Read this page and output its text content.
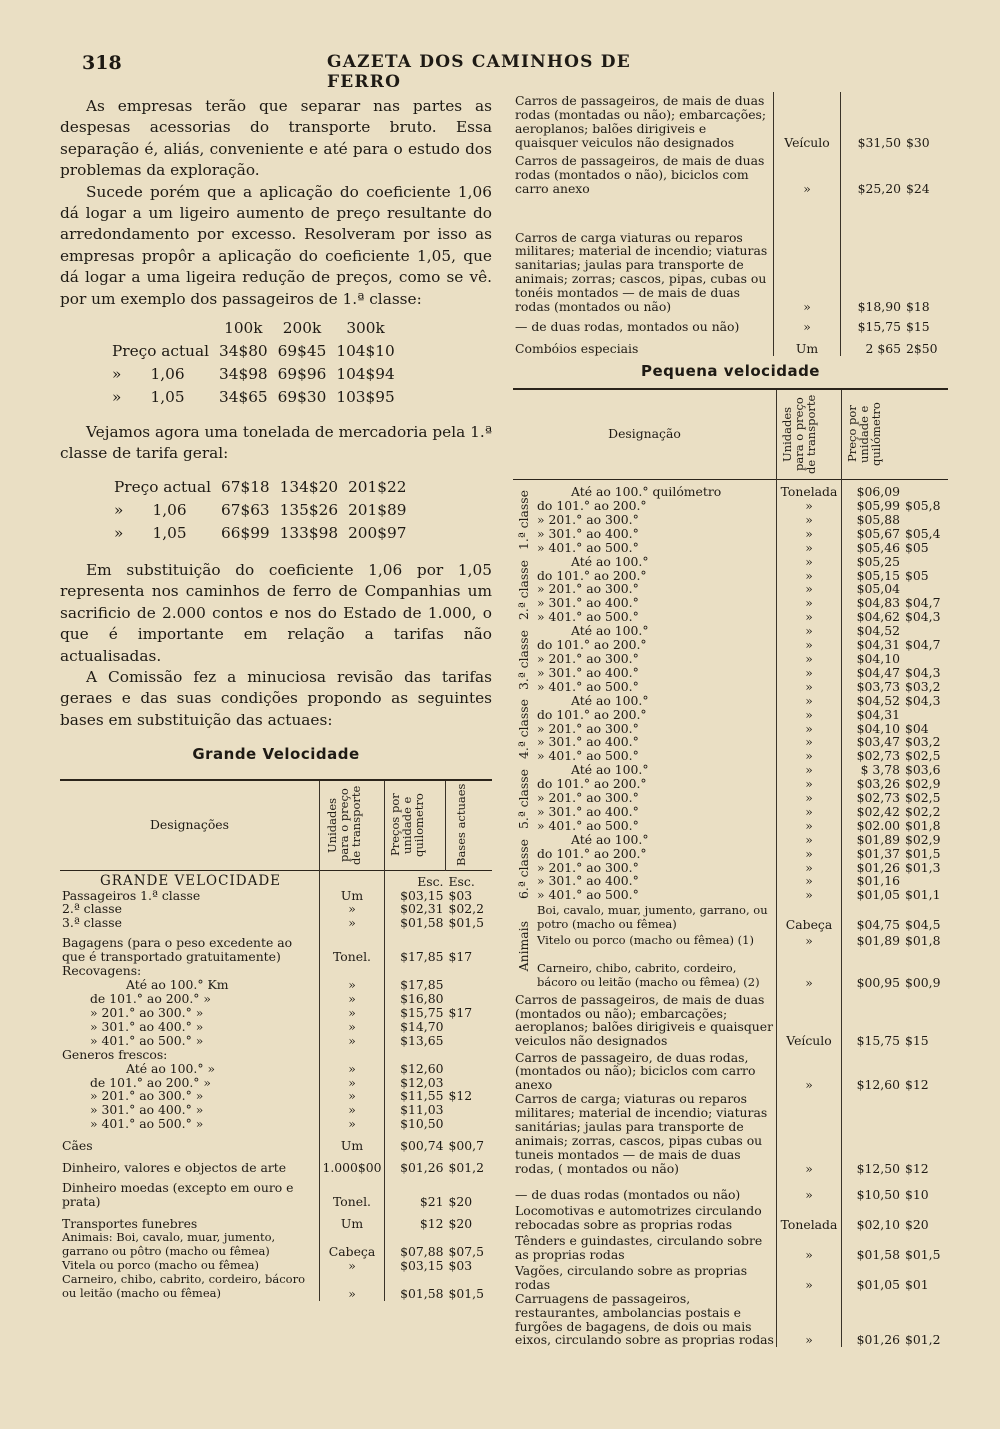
318	GAZETA DOS CAMINHOS DE FERRO

As empresas terão que separar nas partes as despesas acessorias do transporte bruto. Essa separação é, aliás, conveniente e até para o estudo dos problemas da exploração.

Sucede porém que a aplicação do coeficiente 1,06 dá logar a um ligeiro aumento de preço resultante do arredondamento por excesso. Resolveram por isso as empresas propôr a aplicação do coeficiente 1,05, que dá logar a uma ligeira redução de preços, como se vê. por um exemplo dos passageiros de 1.ª classe:

	100k	200k	300k
Preço actual	34$80	69$45	104$10
»      1,06	34$98	69$96	104$94
»      1,05	34$65	69$30	103$95

Vejamos agora uma tonelada de mercadoria pela 1.ª classe de tarifa geral:

Preço actual	67$18	134$20	201$22
»      1,06	67$63	135$26	201$89
»      1,05	66$99	133$98	200$97

Em substituição do coeficiente 1,06 por 1,05 representa nos caminhos de ferro de Companhias um sacrificio de 2.000 contos e nos do Estado de 1.000, o que é importante em relação a tarifas não actualisadas.

A Comissão fez a minuciosa revisão das tarifas geraes e das suas condições propondo as seguintes bases em substituição das actuaes:

Grande Velocidade
Designações	Unidades para o preço de transporte	Preços por unidade e quilometro	Bases actuaes

GRANDE VELOCIDADE		Esc.	Esc.
Passageiros 1.ª classe	Um	$03,15	$03
2.ª classe	»	$02,31	$02,2
3.ª classe	»	$01,58	$01,5
Bagagens (para o peso excedente ao que é transportado gratuitamente)	Tonel.	$17,85	$17
Recovagens:			
Até ao 100.° Km	»	$17,85	
de 101.° ao 200.° »	»	$16,80	
» 201.° ao 300.° »	»	$15,75	$17
» 301.° ao 400.° »	»	$14,70	
» 401.° ao 500.° »	»	$13,65	
Generos frescos:			
Até ao 100.° »	»	$12,60	
de 101.° ao 200.° »	»	$12,03	
» 201.° ao 300.° »	»	$11,55	$12
» 301.° ao 400.° »	»	$11,03	
» 401.° ao 500.° »	»	$10,50	
Cães	Um	$00,74	$00,7
Dinheiro, valores e objectos de arte	1.000$00	$01,26	$01,2
Dinheiro moedas (excepto em ouro e prata)	Tonel.	$21	$20
Transportes funebres	Um	$12	$20
Animais: Boi, cavalo, muar, jumento, garrano ou pôtro (macho ou fêmea)	Cabeça	$07,88	$07,5
Vitela ou porco (macho ou fêmea)	»	$03,15	$03
Carneiro, chibo, cabrito, cordeiro, bácoro ou leitão (macho ou fêmea)	»	$01,58	$01,5
Carros de passageiros, de mais de duas rodas (montadas ou não); embarcações; aeroplanos; balões dirigiveis e quaisquer veiculos não designados	Veículo	$31,50	$30
Carros de passageiros, de mais de duas rodas (montados o não), biciclos com carro anexo	»	$25,20	$24
Carros de carga viaturas ou reparos militares; material de incendio; viaturas sanitarias; jaulas para transporte de animais; zorras; cascos, pipas, cubas ou tonéis montados — de mais de duas rodas (montados ou não)	»	$18,90	$18
— de duas rodas, montados ou não)	»	$15,75	$15
Combóios especiais	Um	2 $65	2$50
Pequena velocidade
Designação		Unidades para o preço de transporte	Preço por unidade e quilómetro	

1.ª classe	Até ao 100.° quilómetro	Tonelada	$06,09	
	do 101.° ao 200.°	»	$05,99	$05,8
	» 201.° ao 300.°	»	$05,88	
	» 301.° ao 400.°	»	$05,67	$05,4
	» 401.° ao 500.°	»	$05,46	$05

2.ª classe	Até ao 100.°	»	$05,25	
	do 101.° ao 200.°	»	$05,15	$05
	» 201.° ao 300.°	»	$05,04	
	» 301.° ao 400.°	»	$04,83	$04,7
	» 401.° ao 500.°	»	$04,62	$04,3

3.ª classe	Até ao 100.°	»	$04,52	
	do 101.° ao 200.°	»	$04,31	$04,7
	» 201.° ao 300.°	»	$04,10	
	» 301.° ao 400.°	»	$04,47	$04,3
	» 401.° ao 500.°	»	$03,73	$03,2

4.ª classe	Até ao 100.°	»	$04,52	$04,3
	do 101.° ao 200.°	»	$04,31	
	» 201.° ao 300.°	»	$04,10	$04
	» 301.° ao 400.°	»	$03,47	$03,2
	» 401.° ao 500.°	»	$02,73	$02,5

5.ª classe	Até ao 100.°	»	$ 3,78	$03,6
	do 101.° ao 200.°	»	$03,26	$02,9
	» 201.° ao 300.°	»	$02,73	$02,5
	» 301.° ao 400.°	»	$02,42	$02,2
	» 401.° ao 500.°	»	$02.00	$01,8

6.ª classe	Até ao 100.°	»	$01,89	$02,9
	do 101.° ao 200.°	»	$01,37	$01,5
	» 201.° ao 300.°	»	$01,26	$01,3
	» 301.° ao 400.°	»	$01,16	
	» 401.° ao 500.°	»	$01,05	$01,1

Animais	Boi, cavalo, muar, jumento, garrano, ou potro (macho ou fêmea)	Cabeça	$04,75	$04,5
	Vitelo ou porco (macho ou fêmea) (1)	»	$01,89	$01,8
	Carneiro, chibo, cabrito, cordeiro, bácoro ou leitão (macho ou fêmea) (2)	»	$00,95	$00,9
Carros de passageiros, de mais de duas (montados ou não); embarcações; aeroplanos; balões dirigiveis e quaisquer veiculos não designados		Veículo	$15,75	$15
Carros de passageiro, de duas rodas, (montados ou não); biciclos com carro anexo		»	$12,60	$12
Carros de carga; viaturas ou reparos militares; material de incendio; viaturas sanitárias; jaulas para transporte de animais; zorras, cascos, pipas cubas ou tuneis montados — de mais de duas rodas, ( montados ou não)		»	$12,50	$12
— de duas rodas (montados ou não)		»	$10,50	$10
Locomotivas e automotrizes circulando rebocadas sobre as proprias rodas		Tonelada	$02,10	$20
Tênders e guindastes, circulando sobre as proprias rodas		»	$01,58	$01,5
Vagões, circulando sobre as proprias rodas		»	$01,05	$01
Carruagens de passageiros, restaurantes, ambolancias postais e furgões de bagagens, de dois ou mais eixos, circulando sobre as proprias rodas		»	$01,26	$01,2
